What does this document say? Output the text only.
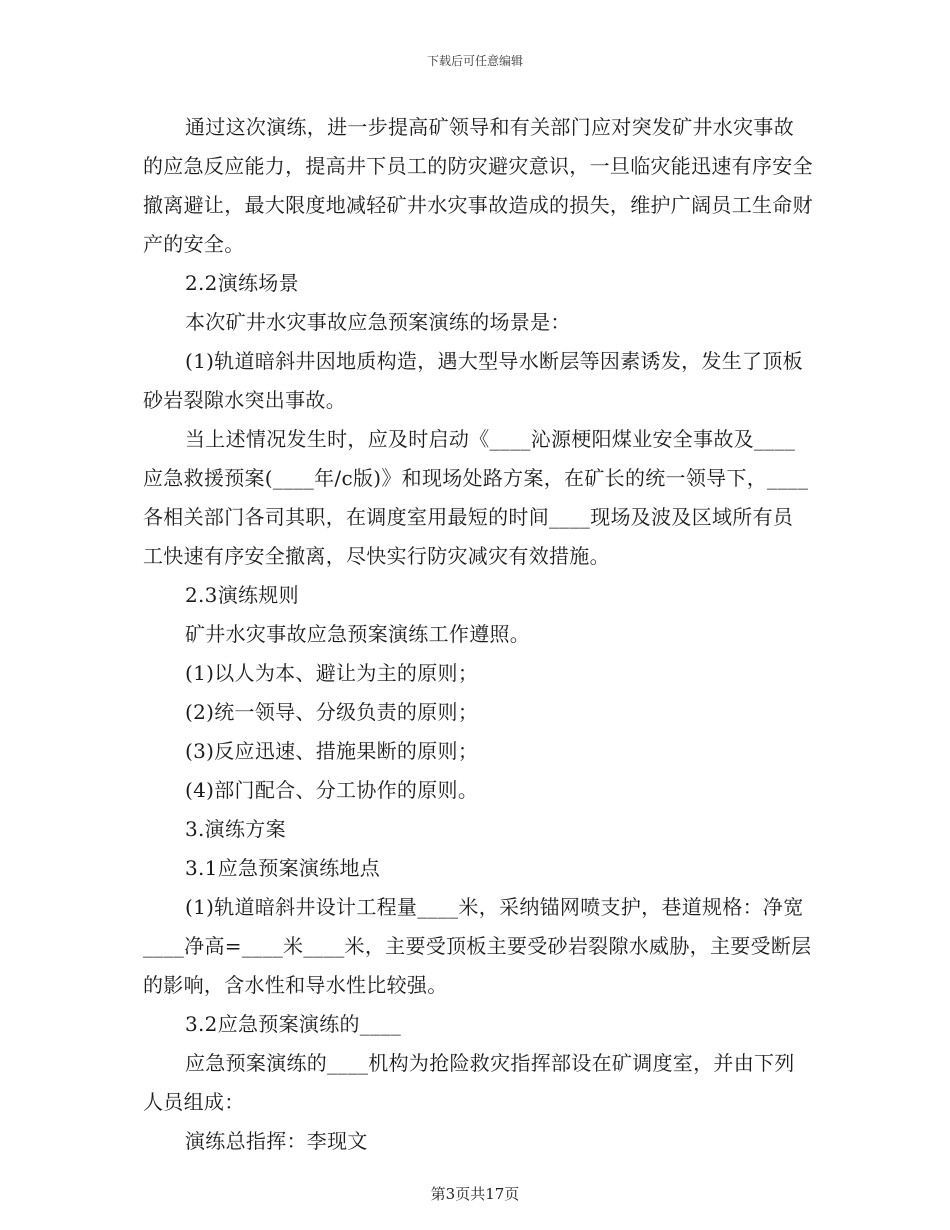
下载后可任意编辑

通过这次演练，进一步提高矿领导和有关部门应对突发矿井水灾事故的应急反应能力，提高井下员工的防灾避灾意识，一旦临灾能迅速有序安全撤离避让，最大限度地减轻矿井水灾事故造成的损失，维护广阔员工生命财产的安全。

2.2演练场景

本次矿井水灾事故应急预案演练的场景是：

(1)轨道暗斜井因地质构造，遇大型导水断层等因素诱发，发生了顶板砂岩裂隙水突出事故。

当上述情况发生时，应及时启动《____沁源梗阳煤业安全事故及____应急救援预案(____年/c版)》和现场处路方案，在矿长的统一领导下，____各相关部门各司其职，在调度室用最短的时间____现场及波及区域所有员工快速有序安全撤离，尽快实行防灾减灾有效措施。

2.3演练规则

矿井水灾事故应急预案演练工作遵照。

(1)以人为本、避让为主的原则；

(2)统一领导、分级负责的原则；

(3)反应迅速、措施果断的原则；

(4)部门配合、分工协作的原则。

3.演练方案

3.1应急预案演练地点

(1)轨道暗斜井设计工程量____米，采纳锚网喷支护，巷道规格：净宽____净高=____米____米，主要受顶板主要受砂岩裂隙水威胁，主要受断层的影响，含水性和导水性比较强。

3.2应急预案演练的____

应急预案演练的____机构为抢险救灾指挥部设在矿调度室，并由下列人员组成：

演练总指挥：李现文

第3页共17页
